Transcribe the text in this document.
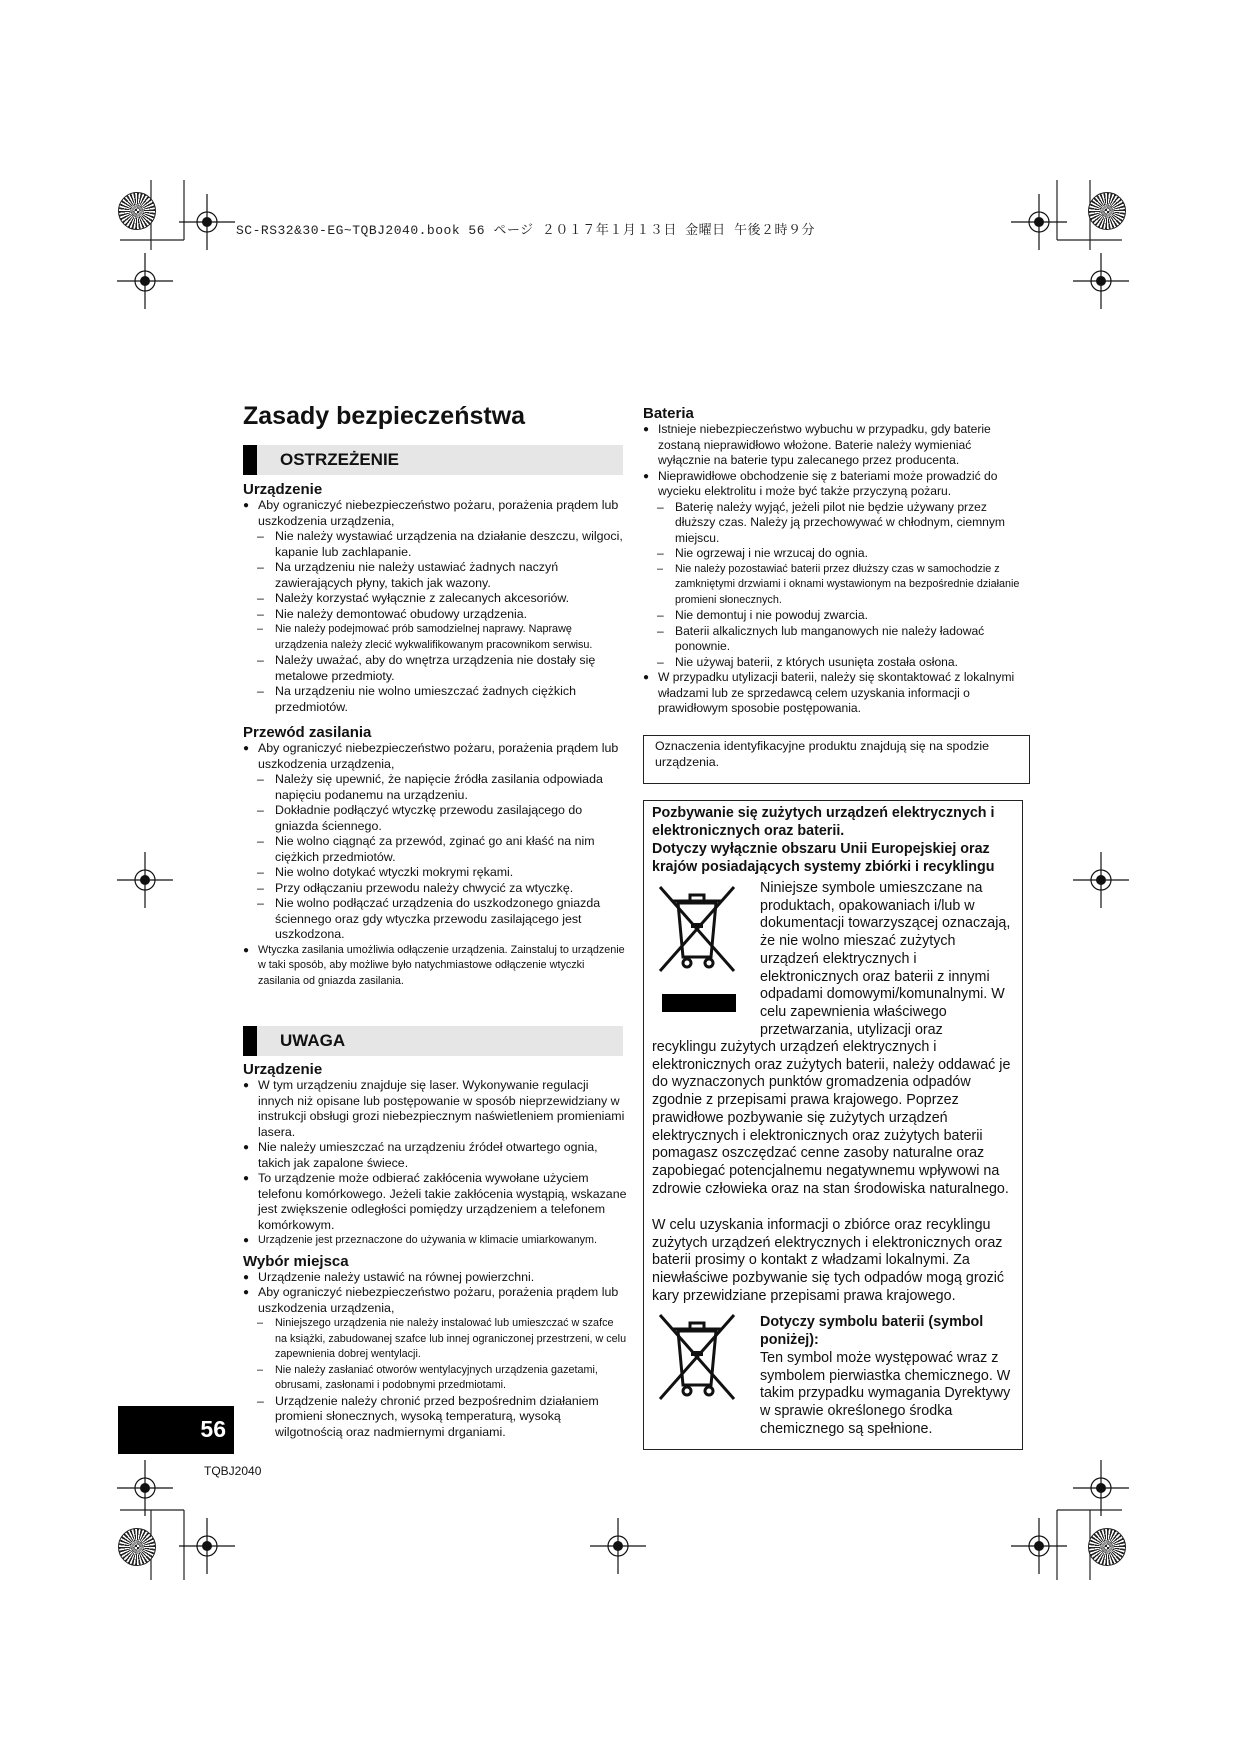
SC-RS32&30-EG~TQBJ2040.book 56 ページ ２０１７年１月１３日 金曜日 午後２時９分
Zasady bezpieczeństwa
OSTRZEŻENIE
Urządzenie
● Aby ograniczyć niebezpieczeństwo pożaru, porażenia prądem lub uszkodzenia urządzenia,
– Nie należy wystawiać urządzenia na działanie deszczu, wilgoci, kapanie lub zachlapanie.
– Na urządzeniu nie należy ustawiać żadnych naczyń zawierających płyny, takich jak wazony.
– Należy korzystać wyłącznie z zalecanych akcesoriów.
– Nie należy demontować obudowy urządzenia.
– Nie należy podejmować prób samodzielnej naprawy. Naprawę urządzenia należy zlecić wykwalifikowanym pracownikom serwisu.
– Należy uważać, aby do wnętrza urządzenia nie dostały się metalowe przedmioty.
– Na urządzeniu nie wolno umieszczać żadnych ciężkich przedmiotów.
Przewód zasilania
● Aby ograniczyć niebezpieczeństwo pożaru, porażenia prądem lub uszkodzenia urządzenia,
– Należy się upewnić, że napięcie źródła zasilania odpowiada napięciu podanemu na urządzeniu.
– Dokładnie podłączyć wtyczkę przewodu zasilającego do gniazda ściennego.
– Nie wolno ciągnąć za przewód, zginać go ani kłaść na nim ciężkich przedmiotów.
– Nie wolno dotykać wtyczki mokrymi rękami.
– Przy odłączaniu przewodu należy chwycić za wtyczkę.
– Nie wolno podłączać urządzenia do uszkodzonego gniazda ściennego oraz gdy wtyczka przewodu zasilającego jest uszkodzona.
● Wtyczka zasilania umożliwia odłączenie urządzenia. Zainstaluj to urządzenie w taki sposób, aby możliwe było natychmiastowe odłączenie wtyczki zasilania od gniazda zasilania.
UWAGA
Urządzenie
● W tym urządzeniu znajduje się laser. Wykonywanie regulacji innych niż opisane lub postępowanie w sposób nieprzewidziany w instrukcji obsługi grozi niebezpiecznym naświetleniem promieniami lasera.
● Nie należy umieszczać na urządzeniu źródeł otwartego ognia, takich jak zapalone świece.
● To urządzenie może odbierać zakłócenia wywołane użyciem telefonu komórkowego. Jeżeli takie zakłócenia wystąpią, wskazane jest zwiększenie odległości pomiędzy urządzeniem a telefonem komórkowym.
● Urządzenie jest przeznaczone do używania w klimacie umiarkowanym.
Wybór miejsca
● Urządzenie należy ustawić na równej powierzchni.
● Aby ograniczyć niebezpieczeństwo pożaru, porażenia prądem lub uszkodzenia urządzenia,
– Niniejszego urządzenia nie należy instalować lub umieszczać w szafce na książki, zabudowanej szafce lub innej ograniczonej przestrzeni, w celu zapewnienia dobrej wentylacji.
– Nie należy zasłaniać otworów wentylacyjnych urządzenia gazetami, obrusami, zasłonami i podobnymi przedmiotami.
– Urządzenie należy chronić przed bezpośrednim działaniem promieni słonecznych, wysoką temperaturą, wysoką wilgotnością oraz nadmiernymi drganiami.
56
TQBJ2040
Bateria
● Istnieje niebezpieczeństwo wybuchu w przypadku, gdy baterie zostaną nieprawidłowo włożone. Baterie należy wymieniać wyłącznie na baterie typu zalecanego przez producenta.
● Nieprawidłowe obchodzenie się z bateriami może prowadzić do wycieku elektrolitu i może być także przyczyną pożaru.
– Baterię należy wyjąć, jeżeli pilot nie będzie używany przez dłuższy czas. Należy ją przechowywać w chłodnym, ciemnym miejscu.
– Nie ogrzewaj i nie wrzucaj do ognia.
– Nie należy pozostawiać baterii przez dłuższy czas w samochodzie z zamkniętymi drzwiami i oknami wystawionym na bezpośrednie działanie promieni słonecznych.
– Nie demontuj i nie powoduj zwarcia.
– Baterii alkalicznych lub manganowych nie należy ładować ponownie.
– Nie używaj baterii, z których usunięta została osłona.
● W przypadku utylizacji baterii, należy się skontaktować z lokalnymi władzami lub ze sprzedawcą celem uzyskania informacji o prawidłowym sposobie postępowania.
Oznaczenia identyfikacyjne produktu znajdują się na spodzie urządzenia.
Pozbywanie się zużytych urządzeń elektrycznych i elektronicznych oraz baterii.
Dotyczy wyłącznie obszaru Unii Europejskiej oraz krajów posiadających systemy zbiórki i recyklingu
Niniejsze symbole umieszczane na produktach, opakowaniach i/lub w dokumentacji towarzyszącej oznaczają, że nie wolno mieszać zużytych urządzeń elektrycznych i elektronicznych oraz baterii z innymi odpadami domowymi/komunalnymi. W celu zapewnienia właściwego przetwarzania, utylizacji oraz
recyklingu zużytych urządzeń elektrycznych i elektronicznych oraz zużytych baterii, należy oddawać je do wyznaczonych punktów gromadzenia odpadów zgodnie z przepisami prawa krajowego. Poprzez prawidłowe pozbywanie się zużytych urządzeń elektrycznych i elektronicznych oraz zużytych baterii pomagasz oszczędzać cenne zasoby naturalne oraz zapobiegać potencjalnemu negatywnemu wpływowi na zdrowie człowieka oraz na stan środowiska naturalnego.
W celu uzyskania informacji o zbiórce oraz recyklingu zużytych urządzeń elektrycznych i elektronicznych oraz baterii prosimy o kontakt z władzami lokalnymi. Za niewłaściwe pozbywanie się tych odpadów mogą grozić kary przewidziane przepisami prawa krajowego.
Dotyczy symbolu baterii (symbol poniżej):
Ten symbol może występować wraz z symbolem pierwiastka chemicznego. W takim przypadku wymagania Dyrektywy w sprawie określonego środka chemicznego są spełnione.
